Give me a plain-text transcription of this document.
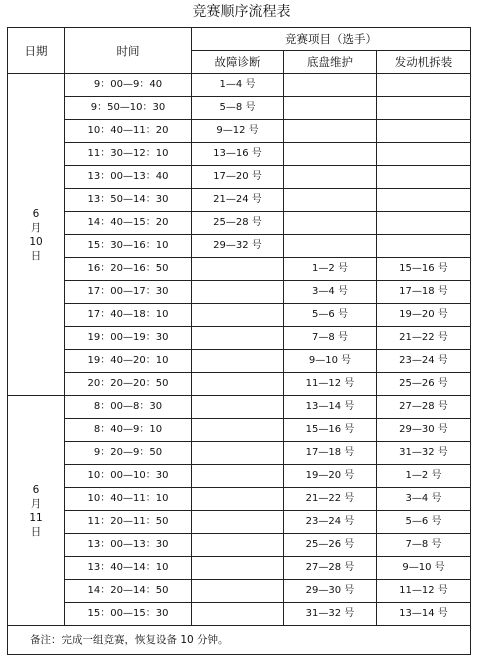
竞赛顺序流程表
日期	时间	竞赛项目（选手）		
		故障诊断	底盘维护	发动机拆装

6
月
10
日	9：00—9：40	1—4 号		
	9：50—10：30	5—8 号		
	10：40—11：20	9—12 号		
	11：30—12：10	13—16 号		
	13：00—13：40	17—20 号		
	13：50—14：30	21—24 号		
	14：40—15：20	25—28 号		
	15：30—16：10	29—32 号		
	16：20—16：50		1—2 号	15—16 号
	17：00—17：30		3—4 号	17—18 号
	17：40—18：10		5—6 号	19—20 号
	19：00—19：30		7—8 号	21—22 号
	19：40—20：10		9—10 号	23—24 号
	20：20—20：50		11—12 号	25—26 号

6
月
11
日	8：00—8：30		13—14 号	27—28 号
	8：40—9：10		15—16 号	29—30 号
	9：20—9：50		17—18 号	31—32 号
	10：00—10：30		19—20 号	1—2 号
	10：40—11：10		21—22 号	3—4 号
	11：20—11：50		23—24 号	5—6 号
	13：00—13：30		25—26 号	7—8 号
	13：40—14：10		27—28 号	9—10 号
	14：20—14：50		29—30 号	11—12 号
	15：00—15：30		31—32 号	13—14 号
备注：完成一组竞赛，恢复设备 10 分钟。				
